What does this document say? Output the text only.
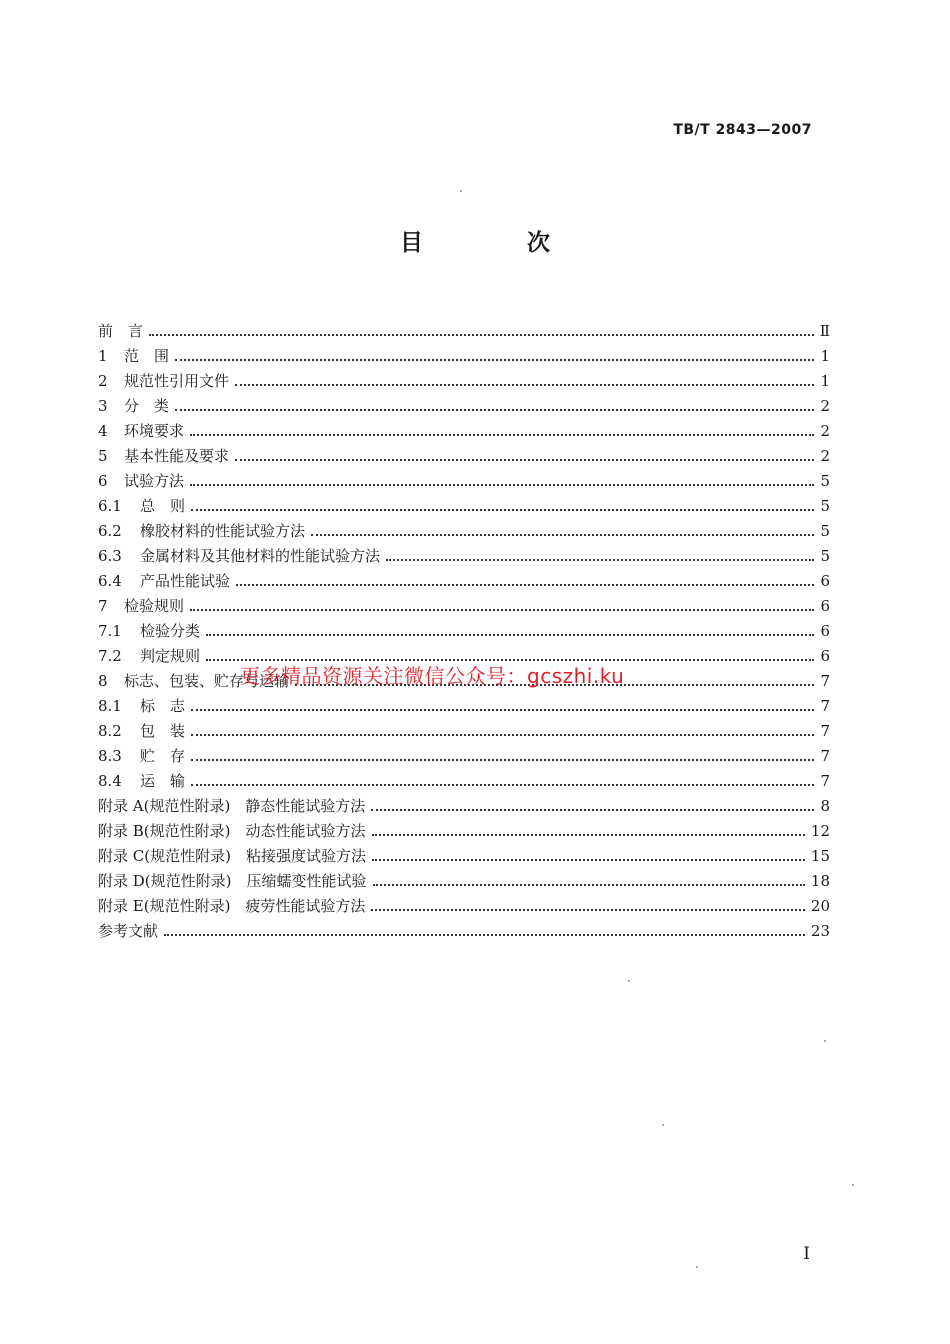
TB/T 2843—2007
目 次
前　言	Ⅱ
1	范　围	1
2	规范性引用文件	1
3	分　类	2
4	环境要求	2
5	基本性能及要求	2
6	试验方法	5
6.1	总　则	5
6.2	橡胶材料的性能试验方法	5
6.3	金属材料及其他材料的性能试验方法	5
6.4	产品性能试验	6
7	检验规则	6
7.1	检验分类	6
7.2	判定规则	6
8	标志、包装、贮存与运输	7
8.1	标　志	7
8.2	包　装	7
8.3	贮　存	7
8.4	运　输	7
附录 A(规范性附录)　静态性能试验方法	8
附录 B(规范性附录)　动态性能试验方法	12
附录 C(规范性附录)　粘接强度试验方法	15
附录 D(规范性附录)　压缩蠕变性能试验	18
附录 E(规范性附录)　疲劳性能试验方法	20
参考文献	23
更多精品资源关注微信公众号：gcszhi.ku
I
